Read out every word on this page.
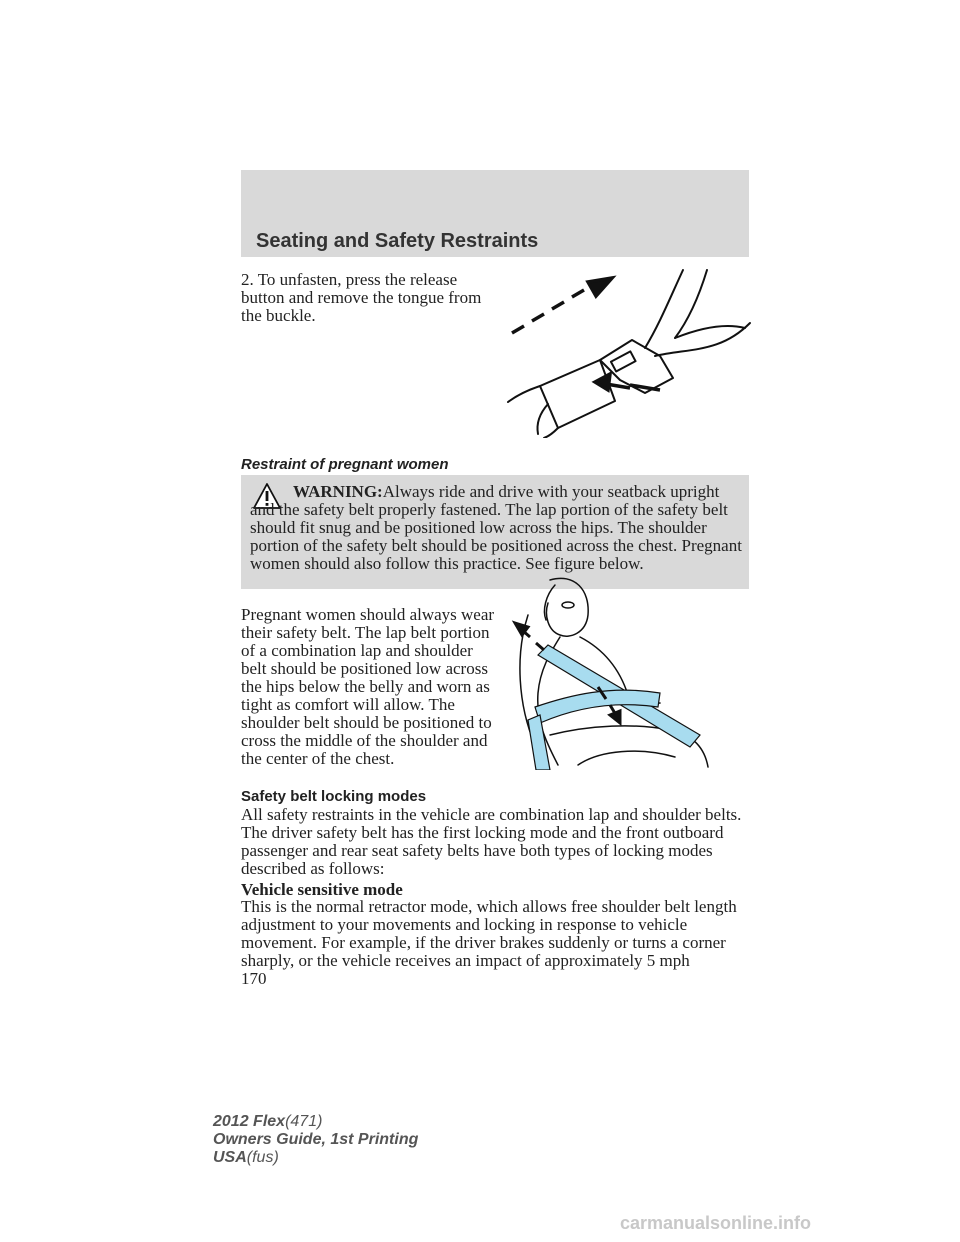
Seating and Safety Restraints
2. To unfasten, press the release button and remove the tongue from the buckle.
Restraint of pregnant women
WARNING:Always ride and drive with your seatback upright and the safety belt properly fastened. The lap portion of the safety belt should fit snug and be positioned low across the hips. The shoulder portion of the safety belt should be positioned across the chest. Pregnant women should also follow this practice. See figure below.
Pregnant women should always wear their safety belt. The lap belt portion of a combination lap and shoulder belt should be positioned low across the hips below the belly and worn as tight as comfort will allow. The shoulder belt should be positioned to cross the middle of the shoulder and the center of the chest.
Safety belt locking modes
All safety restraints in the vehicle are combination lap and shoulder belts. The driver safety belt has the first locking mode and the front outboard passenger and rear seat safety belts have both types of locking modes described as follows:
Vehicle sensitive mode
This is the normal retractor mode, which allows free shoulder belt length adjustment to your movements and locking in response to vehicle movement. For example, if the driver brakes suddenly or turns a corner sharply, or the vehicle receives an impact of approximately 5 mph
170
2012 Flex(471)
Owners Guide, 1st Printing
USA(fus)
carmanualsonline.info
